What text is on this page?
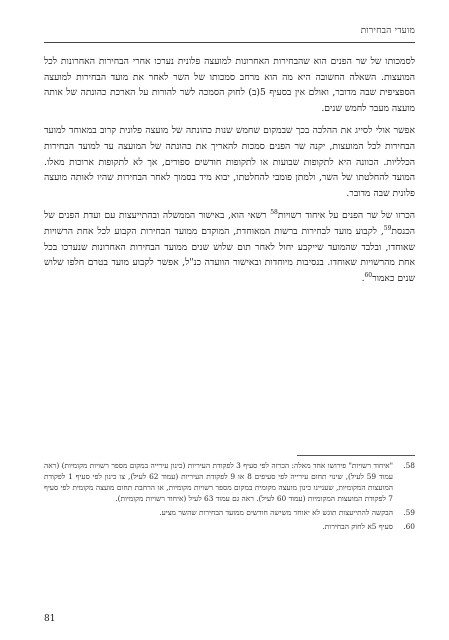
מועדי הבחירות

לסמכותו של שר הפנים הוא שהבחירות האחרונות למועצה פלונית נערכו אחרי הבחירות האחרונות לכל המועצות. השאלה החשובה היא מה הוא מרחב סמכותו של השר לאחר את מועד הבחירות למועצה הספציפית שבה מדובר, ואולם אין בסעיף 5(ב) לחוק הסמכה לשר להורות על הארכת כהונתה של אותה מועצה מעבר לחמש שנים.

אפשר אולי לסייג את ההלכה בכך שבמקום שחמש שנות כהונתה של מועצה פלונית קרוב במאוחד למועד הבחירות לכל המועצות, יקנה שר הפנים סמכות להאריך את כהונתה של המועצה עד למועד הבחירות הכלליות. הכוונה היא לתקופות שבועות או לתקופות חודשים ספורים, אך לא לתקופות ארוכות מאלו. המועד להחלטתו של השר, ולמתן פומבי להחלטתו, יבוא מיד בסמוך לאחר הבחירות שהיו לאותה מועצה פלונית שבה מדובר.

הכרזו של שר הפנים על איחוד רשויות$^{58}$ רשאי הוא, באישור הממשלה ובהתייעצות עם ועדת הפנים של הכנסת$^{59}$, לקבוע מועד לבחירות ברשות המאוחדת, המוקדם ממועד הבחירות הקבוע לכל אחת הרשויות שאוחדו, ובלבד שהמועד שייקבע יחול לאחר תום שלוש שנים ממועד הבחירות האחרונות שנערכו בכל אחת מהרשויות שאוחדו. בנסיבות מיוחדות ובאישור הוועדה כנ"ל, אפשר לקבוע מועד בטרם חלפו שלוש שנים כאמור$^{60}$.

58.
"איחוד רשויות" פירושו אחד מאלה: הכרזה לפי סעיף 3 לפקודת העיריות (כינון עירייה במקום מספר רשויות מקומיות) (ראה עמוד 59 לעיל), שינוי תחום עירייה לפי סעיפים 8 או 9 לפקודת העיריות (עמוד 62 לעיל), צו כינון לפי סעיף 1 לפקודת המועצות המקומיות, שעניינו כינון מועצה מקומית במקום מספר רשויות מקומיות, או הרחבת תחום מועצה מקומית לפי סעיף 7 לפקודת המועצות המקומיות (עמוד 60 לעיל). ראה גם עמוד 63 לעיל (איחוד רשויות מקומיות).
59.
הבקשה להתייעצות תוגש לא יאוחר משישה חודשים ממועד הבחירות שהשר מציע.
60.
סעיף 5א לחוק הבחירות.
81
